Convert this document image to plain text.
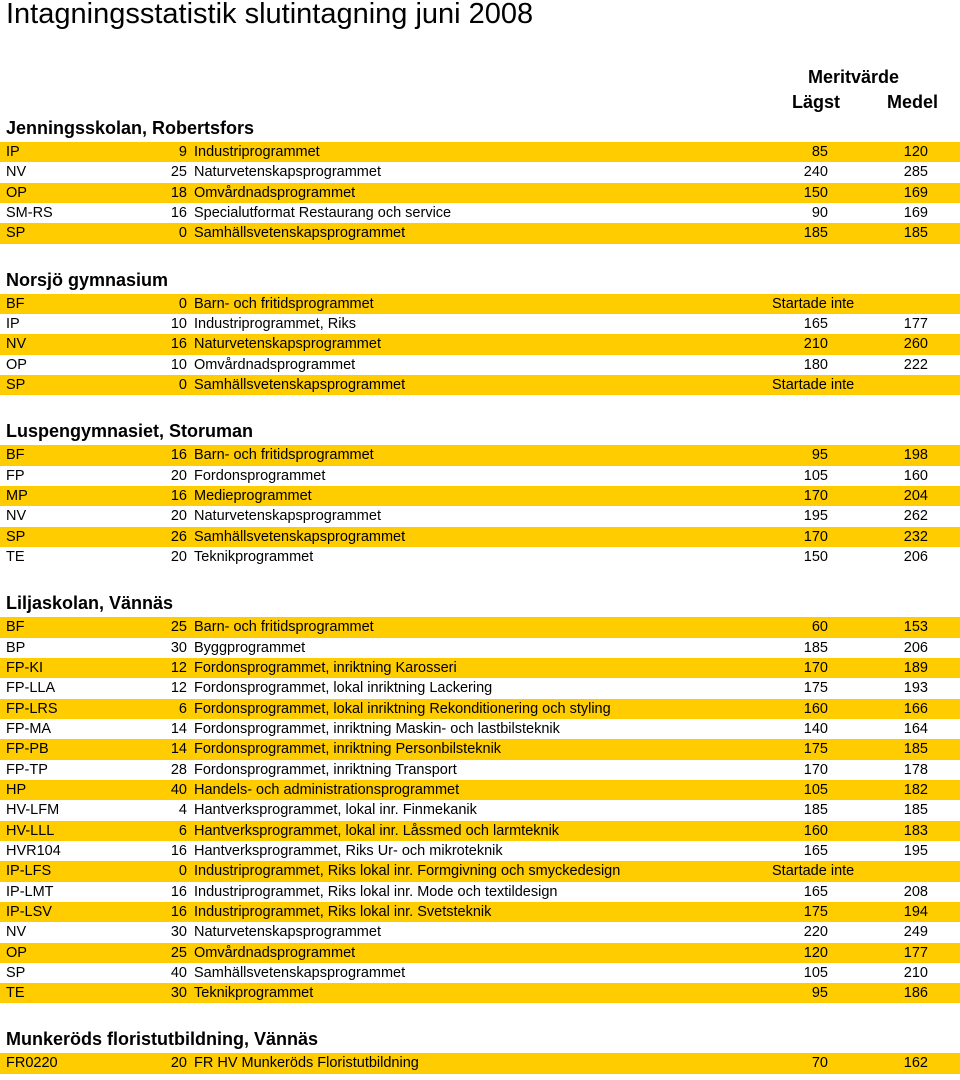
Intagningsstatistik slutintagning juni 2008
Meritvärde
Lägst	Medel
Jenningsskolan, Robertsfors
IP	9 Industriprogrammet	85	120
NV	25 Naturvetenskapsprogrammet	240	285
OP	18 Omvårdnadsprogrammet	150	169
SM-RS	16 Specialutformat Restaurang och service	90	169
SP	0 Samhällsvetenskapsprogrammet	185	185
Norsjö gymnasium
BF	0 Barn- och fritidsprogrammet	Startade inte
IP	10 Industriprogrammet, Riks	165	177
NV	16 Naturvetenskapsprogrammet	210	260
OP	10 Omvårdnadsprogrammet	180	222
SP	0 Samhällsvetenskapsprogrammet	Startade inte
Luspengymnasiet, Storuman
BF	16 Barn- och fritidsprogrammet	95	198
FP	20 Fordonsprogrammet	105	160
MP	16 Medieprogrammet	170	204
NV	20 Naturvetenskapsprogrammet	195	262
SP	26 Samhällsvetenskapsprogrammet	170	232
TE	20 Teknikprogrammet	150	206
Liljaskolan, Vännäs
BF	25 Barn- och fritidsprogrammet	60	153
BP	30 Byggprogrammet	185	206
FP-KI	12 Fordonsprogrammet, inriktning Karosseri	170	189
FP-LLA	12 Fordonsprogrammet, lokal inriktning Lackering	175	193
FP-LRS	6 Fordonsprogrammet, lokal inriktning Rekonditionering och styling	160	166
FP-MA	14 Fordonsprogrammet, inriktning Maskin- och lastbilsteknik	140	164
FP-PB	14 Fordonsprogrammet, inriktning Personbilsteknik	175	185
FP-TP	28 Fordonsprogrammet, inriktning Transport	170	178
HP	40 Handels- och administrationsprogrammet	105	182
HV-LFM	4 Hantverksprogrammet, lokal inr. Finmekanik	185	185
HV-LLL	6 Hantverksprogrammet, lokal inr. Låssmed och larmteknik	160	183
HVR104	16 Hantverksprogrammet, Riks Ur- och mikroteknik	165	195
IP-LFS	0 Industriprogrammet, Riks lokal inr. Formgivning och smyckedesign	Startade inte
IP-LMT	16 Industriprogrammet, Riks lokal inr. Mode och textildesign	165	208
IP-LSV	16 Industriprogrammet, Riks lokal inr. Svetsteknik	175	194
NV	30 Naturvetenskapsprogrammet	220	249
OP	25 Omvårdnadsprogrammet	120	177
SP	40 Samhällsvetenskapsprogrammet	105	210
TE	30 Teknikprogrammet	95	186
Munkeröds floristutbildning, Vännäs
FR0220	20 FR HV Munkeröds Floristutbildning	70	162
